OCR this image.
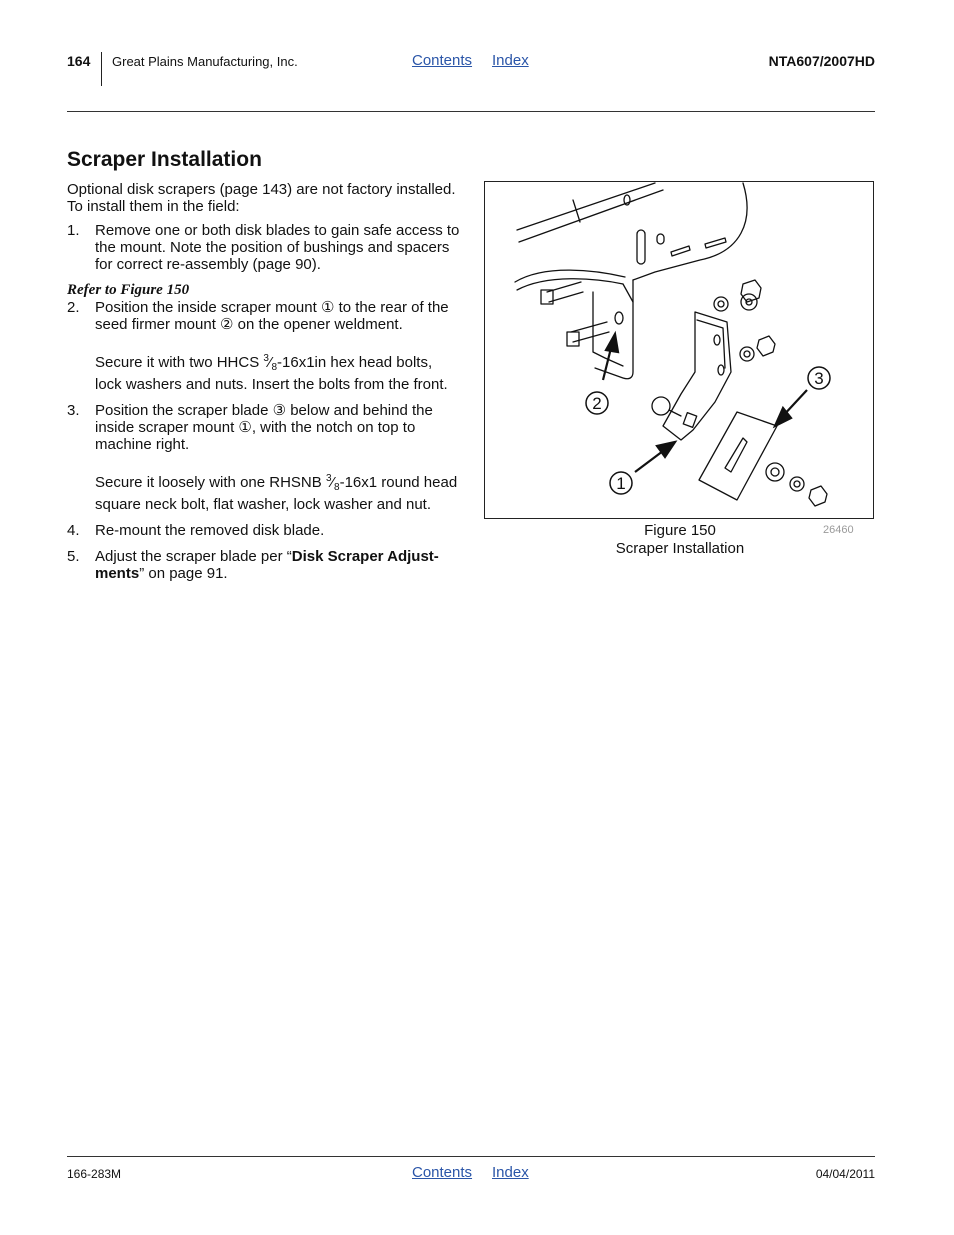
164 Great Plains Manufacturing, Inc.	Contents Index	NTA607/2007HD
Scraper Installation

Optional disk scrapers (page 143) are not factory installed. To install them in the field:

1.	Remove one or both disk blades to gain safe access to the mount. Note the position of bushings and spacers for correct re-assembly (page 90).

Refer to Figure 150

2.	Position the inside scraper mount ① to the rear of the seed firmer mount ② on the opener weldment.
Secure it with two HHCS $^3⁄_8-16x1in$ hex head bolts, lock washers and nuts. Insert the bolts from the front.
3.	Position the scraper blade ③ below and behind the inside scraper mount ①, with the notch on top to machine right.
Secure it loosely with one RHSNB $^3⁄_8-16x1$ round head square neck bolt, flat washer, lock washer and nut.
4.	Re-mount the removed disk blade.
5.	Adjust the scraper blade per “Disk Scraper Adjust-ments” on page 91.
2
1
3
Figure 150
Scraper Installation
26460
166-283M	Contents Index	04/04/2011
